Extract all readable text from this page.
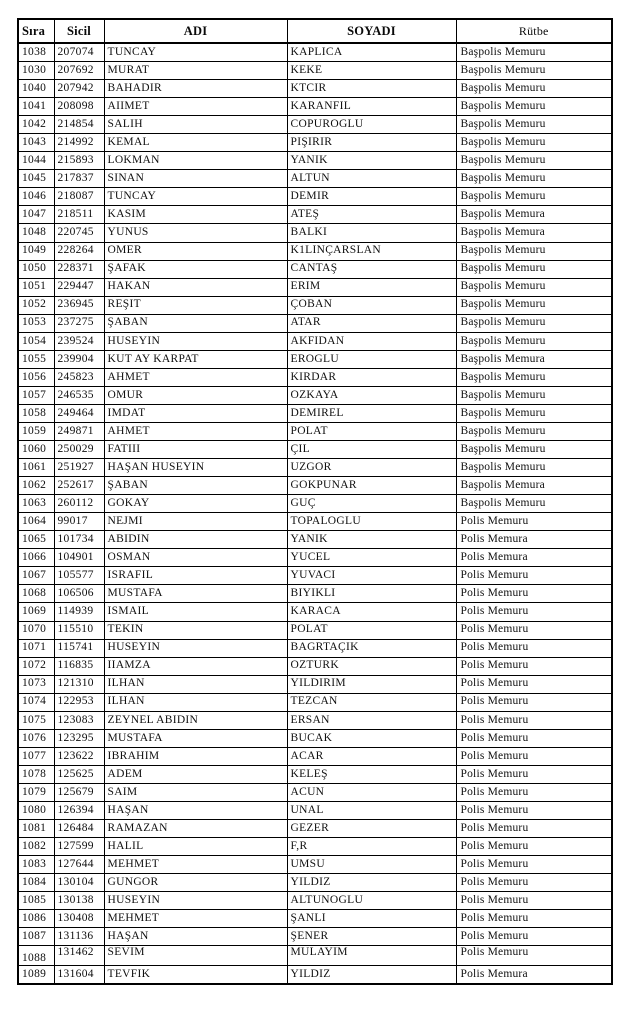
Sıra	Sicil	ADI	SOYADI	Rütbe
1038	207074	TUNCAY	KAPLICA	Başpolis Memuru
1030	207692	MURAT	KEKE	Başpolis Memuru
1040	207942	BAHADIR	KTCIR	Başpolis Memuru
1041	208098	AIIMET	KARANFIL	Başpolis Memuru
1042	214854	SALIH	COPUROGLU	Başpolis Memuru
1043	214992	KEMAL	PIŞIRIR	Başpolis Memuru
1044	215893	LOKMAN	YANIK	Başpolis Memuru
1045	217837	SINAN	ALTUN	Başpolis Memuru
1046	218087	TUNCAY	DEMIR	Başpolis Memuru
1047	218511	KASIM	ATEŞ	Başpolis Memura
1048	220745	YUNUS	BALKI	Başpolis Memura
1049	228264	OMER	K1LINÇARSLAN	Başpolis Memuru
1050	228371	ŞAFAK	CANTAŞ	Başpolis Memuru
1051	229447	HAKAN	ERIM	Başpolis Memuru
1052	236945	REŞIT	ÇOBAN	Başpolis Memuru
1053	237275	ŞABAN	ATAR	Başpolis Memuru
1054	239524	HUSEYIN	AKFIDAN	Başpolis Memuru
1055	239904	KUT AY KARPAT	EROGLU	Başpolis Memura
1056	245823	AHMET	KIRDAR	Başpolis Memuru
1057	246535	OMUR	OZKAYA	Başpolis Memuru
1058	249464	IMDAT	DEMIREL	Başpolis Memuru
1059	249871	AHMET	POLAT	Başpolis Memuru
1060	250029	FATIII	ÇIL	Başpolis Memuru
1061	251927	HAŞAN HUSEYIN	UZGOR	Başpolis Memuru
1062	252617	ŞABAN	GOKPUNAR	Başpolis Memura
1063	260112	GOKAY	GUÇ	Başpolis Memuru
1064	99017	NEJMI	TOPALOGLU	Polis Memuru
1065	101734	ABIDIN	YANIK	Polis Memura
1066	104901	OSMAN	YUCEL	Polis Memura
1067	105577	ISRAFIL	YUVACI	Polis Memuru
1068	106506	MUSTAFA	BIYIKLI	Polis Memuru
1069	114939	ISMAIL	KARACA	Polis Memuru
1070	115510	TEKIN	POLAT	Polis Memuru
1071	115741	HUSEYIN	BAGRTAÇIK	Polis Memuru
1072	116835	IIAMZA	OZTURK	Polis Memuru
1073	121310	ILHAN	YILDIRIM	Polis Memuru
1074	122953	ILHAN	TEZCAN	Polis Memuru
1075	123083	ZEYNEL ABIDIN	ERSAN	Polis Memuru
1076	123295	MUSTAFA	BUCAK	Polis Memuru
1077	123622	IBRAHIM	ACAR	Polis Memuru
1078	125625	ADEM	KELEŞ	Polis Memuru
1079	125679	SAIM	ACUN	Polis Memuru
1080	126394	HAŞAN	UNAL	Polis Memuru
1081	126484	RAMAZAN	GEZER	Polis Memuru
1082	127599	HALIL	F,R	Polis Memuru
1083	127644	MEHMET	UMSU	Polis Memuru
1084	130104	GUNGOR	YILDIZ	Polis Memuru
1085	130138	HUSEYIN	ALTUNOGLU	Polis Memuru
1086	130408	MEHMET	ŞANLI	Polis Memuru
1087	131136	HAŞAN	ŞENER	Polis Memuru
1088	131462	SEVIM	MULAYIM	Polis Memuru
1089	131604	TEVFIK	YILDIZ	Polis Memura
